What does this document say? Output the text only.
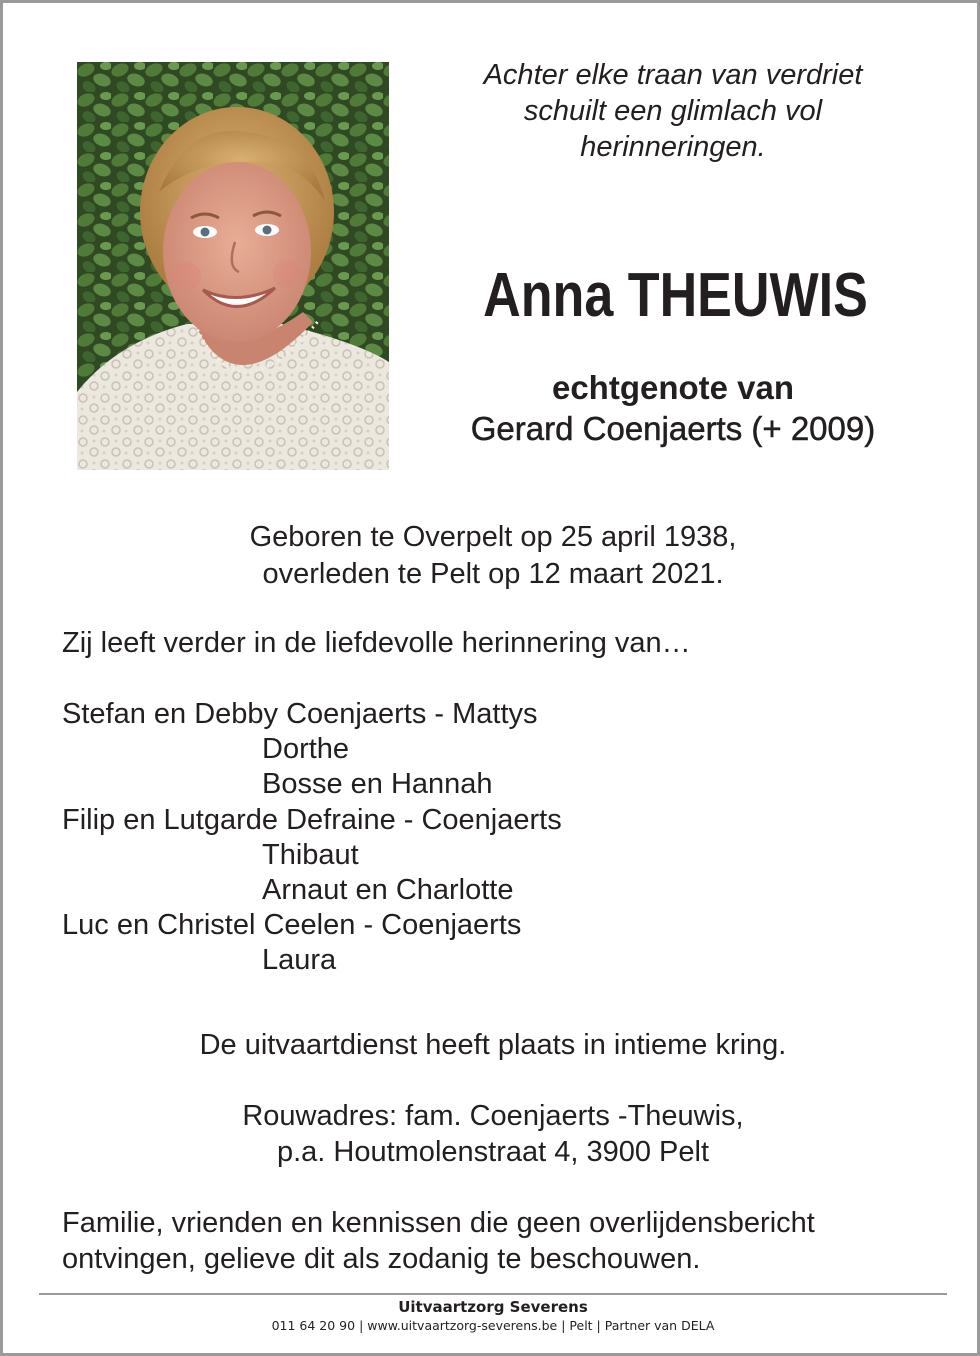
Achter elke traan van verdriet
schuilt een glimlach vol
herinneringen.
Anna THEUWIS
echtgenote van
Gerard Coenjaerts (+ 2009)
Geboren te Overpelt op 25 april 1938,
overleden te Pelt op 12 maart 2021.
Zij leeft verder in de liefdevolle herinnering van…
Stefan en Debby Coenjaerts - Mattys
Dorthe
Bosse en Hannah
Filip en Lutgarde Defraine - Coenjaerts
Thibaut
Arnaut en Charlotte
Luc en Christel Ceelen - Coenjaerts
Laura
De uitvaartdienst heeft plaats in intieme kring.
Rouwadres: fam. Coenjaerts -Theuwis,
p.a. Houtmolenstraat 4, 3900 Pelt
Familie, vrienden en kennissen die geen overlijdensbericht
ontvingen, gelieve dit als zodanig te beschouwen.
Uitvaartzorg Severens
011 64 20 90 | www.uitvaartzorg-severens.be | Pelt | Partner van DELA
